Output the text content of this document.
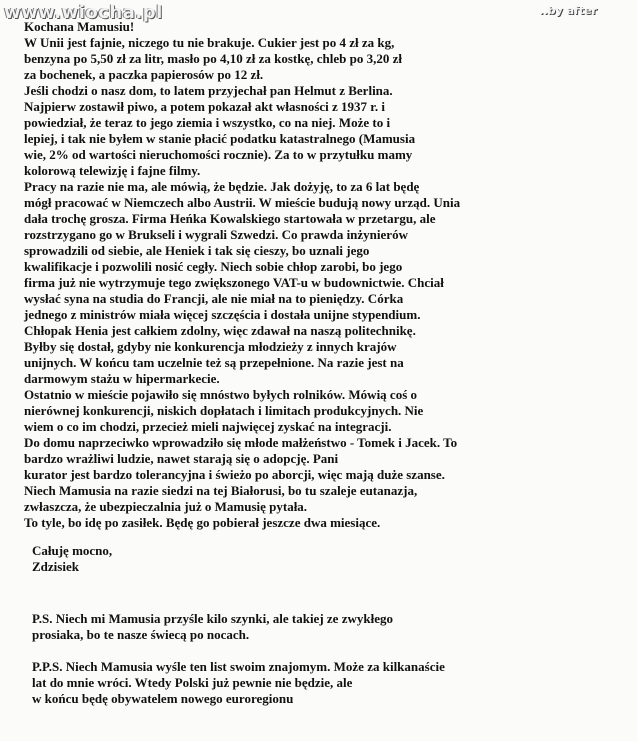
www.wiocha.pl	..by after
Kochana Mamusiu!
W Unii jest fajnie, niczego tu nie brakuje. Cukier jest po 4 zł za kg,
benzyna po 5,50 zł za litr, masło po 4,10 zł za kostkę, chleb po 3,20 zł
za bochenek, a paczka papierosów po 12 zł.
Jeśli chodzi o nasz dom, to latem przyjechał pan Helmut z Berlina.
Najpierw zostawił piwo, a potem pokazał akt własności z 1937 r. i
powiedział, że teraz to jego ziemia i wszystko, co na niej. Może to i
lepiej, i tak nie byłem w stanie płacić podatku katastralnego (Mamusia
wie, 2% od wartości nieruchomości rocznie). Za to w przytułku mamy
kolorową telewizję i fajne filmy.
Pracy na razie nie ma, ale mówią, że będzie. Jak dożyję, to za 6 lat będę
mógł pracować w Niemczech albo Austrii. W mieście budują nowy urząd. Unia
dała trochę grosza. Firma Heńka Kowalskiego startowała w przetargu, ale
rozstrzygano go w Brukseli i wygrali Szwedzi. Co prawda inżynierów
sprowadzili od siebie, ale Heniek i tak się cieszy, bo uznali jego
kwalifikacje i pozwolili nosić cegły. Niech sobie chłop zarobi, bo jego
firma już nie wytrzymuje tego zwiększonego VAT-u w budownictwie. Chciał
wysłać syna na studia do Francji, ale nie miał na to pieniędzy. Córka
jednego z ministrów miała więcej szczęścia i dostała unijne stypendium.
Chłopak Henia jest całkiem zdolny, więc zdawał na naszą politechnikę.
Byłby się dostał, gdyby nie konkurencja młodzieży z innych krajów
unijnych. W końcu tam uczelnie też są przepełnione. Na razie jest na
darmowym stażu w hipermarkecie.
Ostatnio w mieście pojawiło się mnóstwo byłych rolników. Mówią coś o
nierównej konkurencji, niskich dopłatach i limitach produkcyjnych. Nie
wiem o co im chodzi, przecież mieli najwięcej zyskać na integracji.
Do domu naprzeciwko wprowadziło się młode małżeństwo - Tomek i Jacek. To
bardzo wrażliwi ludzie, nawet starają się o adopcję. Pani
kurator jest bardzo tolerancyjna i świeżo po aborcji, więc mają duże szanse.
Niech Mamusia na razie siedzi na tej Białorusi, bo tu szaleje eutanazja,
zwłaszcza, że ubezpieczalnia już o Mamusię pytała.
To tyle, bo idę po zasiłek. Będę go pobierał jeszcze dwa miesiące.
Całuję mocno,
Zdzisiek
P.S. Niech mi Mamusia przyśle kilo szynki, ale takiej ze zwykłego
prosiaka, bo te nasze świecą po nocach.
P.P.S. Niech Mamusia wyśle ten list swoim znajomym. Może za kilkanaście
lat do mnie wróci. Wtedy Polski już pewnie nie będzie, ale
w końcu będę obywatelem nowego euroregionu
